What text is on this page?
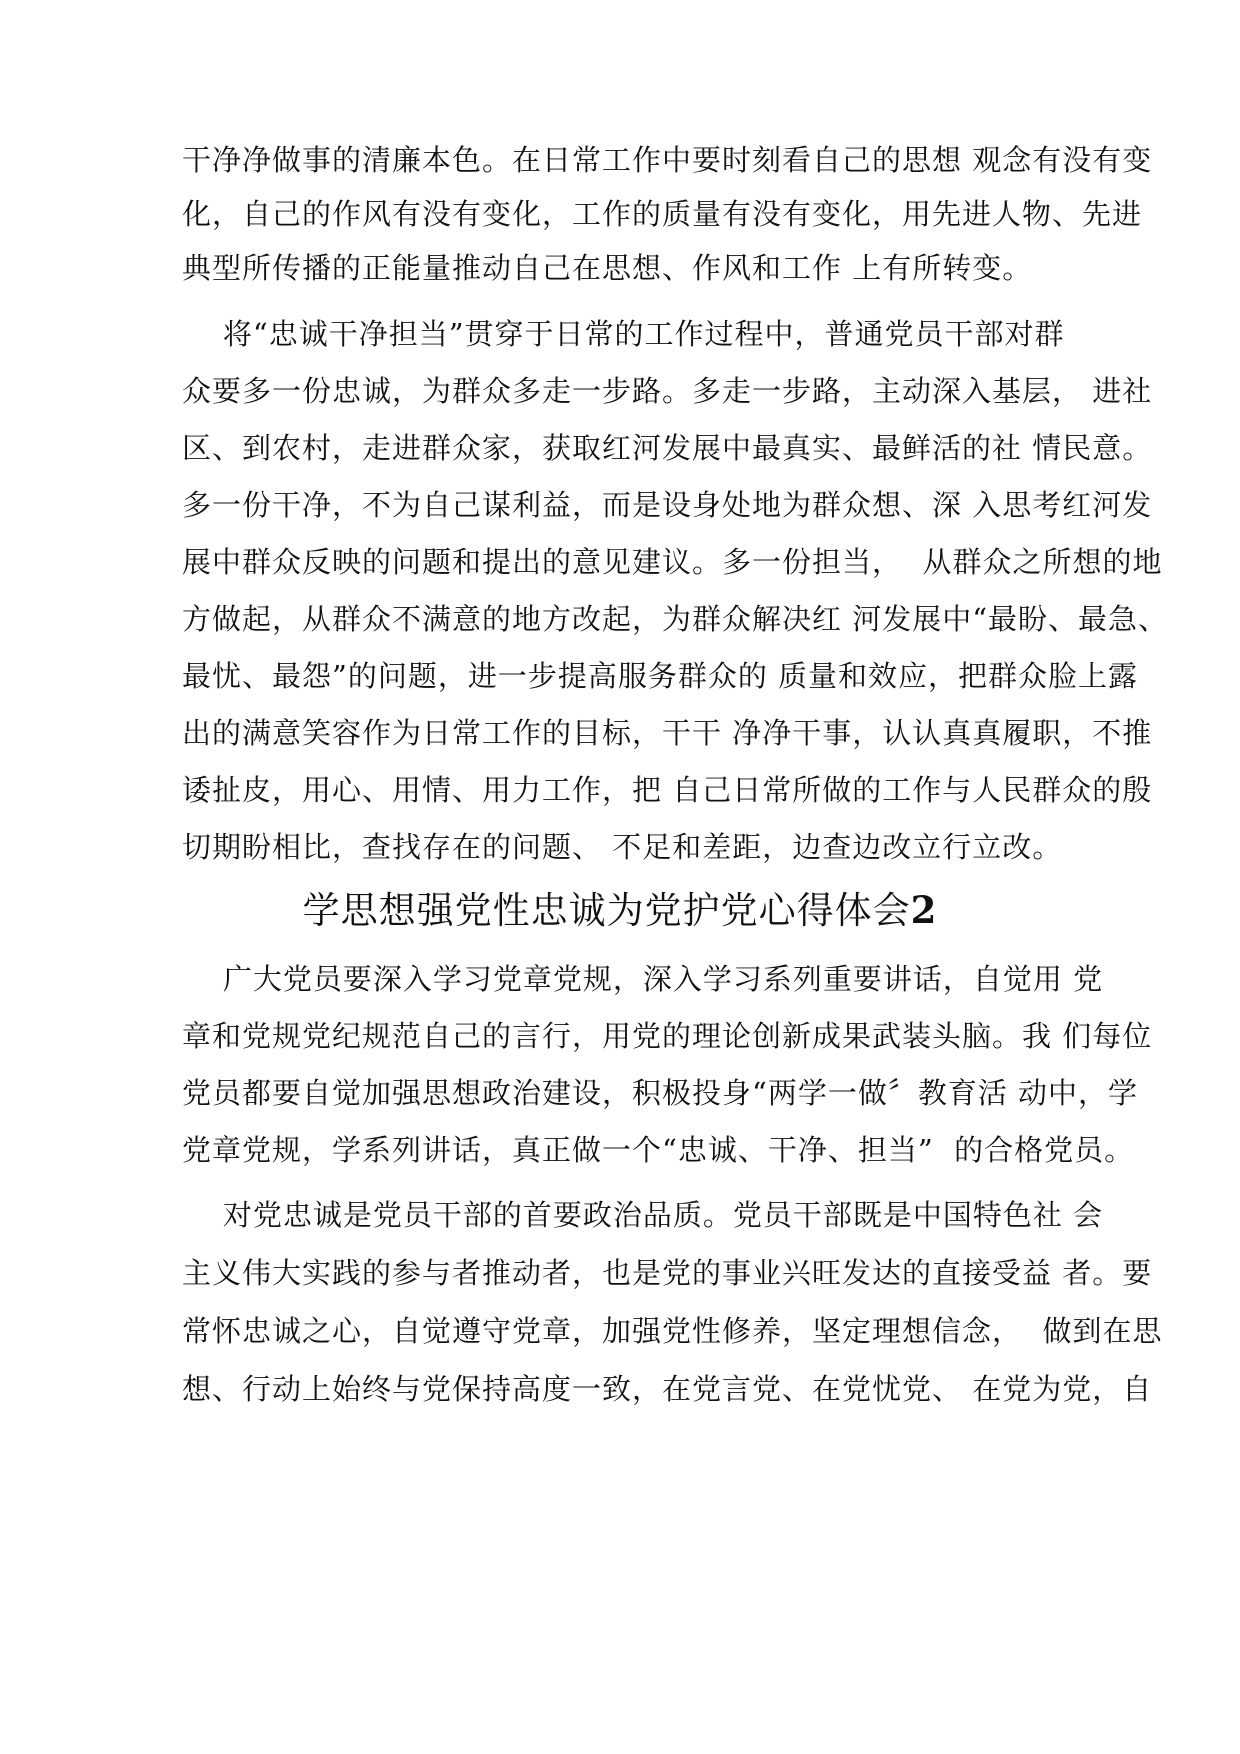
干净净做事的清廉本色。在日常工作中要时刻看自己的思想 观念有没有变
化，自己的作风有没有变化，工作的质量有没有变化，用先进人物、先进
典型所传播的正能量推动自己在思想、作风和工作 上有所转变。
将“忠诚干净担当”贯穿于日常的工作过程中，普通党员干部对群
众要多一份忠诚，为群众多走一步路。多走一步路，主动深入基层， 进社
区、到农村，走进群众家，获取红河发展中最真实、最鲜活的社 情民意。
多一份干净，不为自己谋利益，而是设身处地为群众想、深 入思考红河发
展中群众反映的问题和提出的意见建议。多一份担当，  从群众之所想的地
方做起，从群众不满意的地方改起，为群众解决红 河发展中“最盼、最急、
最忧、最怨”的问题，进一步提高服务群众的 质量和效应，把群众脸上露
出的满意笑容作为日常工作的目标，干干 净净干事，认认真真履职，不推
诿扯皮，用心、用情、用力工作，把 自己日常所做的工作与人民群众的殷
切期盼相比，查找存在的问题、 不足和差距，边查边改立行立改。
学思想强党性忠诚为党护党心得体会2
广大党员要深入学习党章党规，深入学习系列重要讲话，自觉用 党
章和党规党纪规范自己的言行，用党的理论创新成果武装头脑。我 们每位
党员都要自觉加强思想政治建设，积极投身“两学一做〞教育活 动中，学
党章党规，学系列讲话，真正做一个“忠诚、干净、担当”  的合格党员。
对党忠诚是党员干部的首要政治品质。党员干部既是中国特色社 会
主义伟大实践的参与者推动者，也是党的事业兴旺发达的直接受益 者。要
常怀忠诚之心，自觉遵守党章，加强党性修养，坚定理想信念，  做到在思
想、行动上始终与党保持高度一致，在党言党、在党忧党、 在党为党，自
